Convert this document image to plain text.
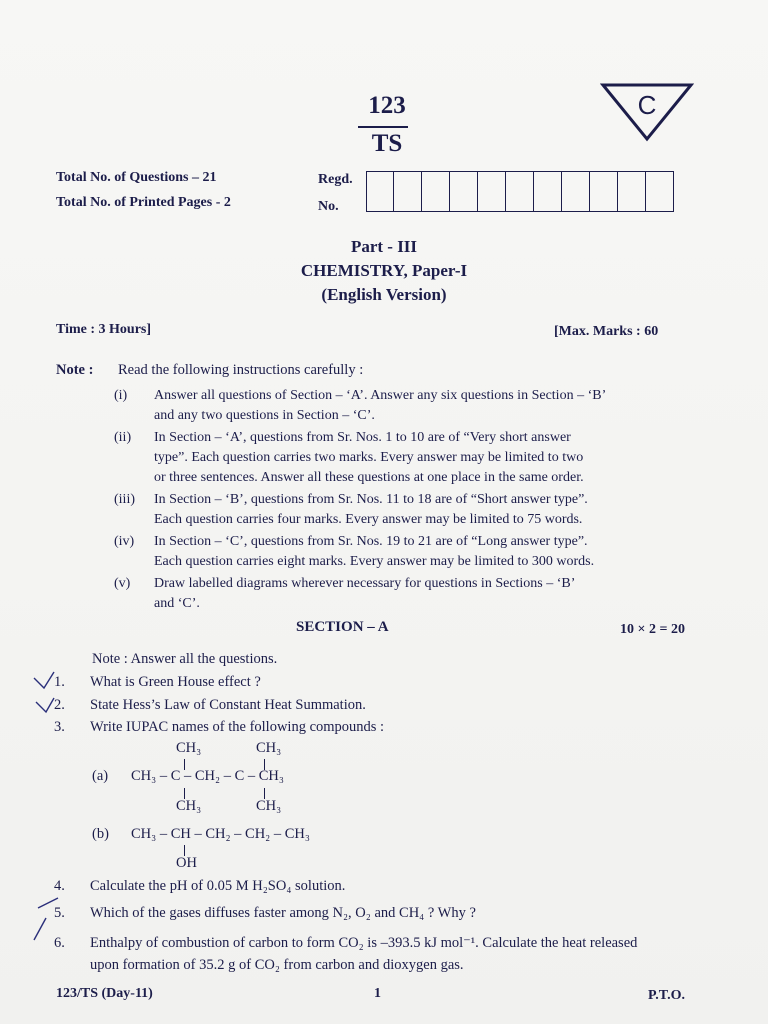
123
TS
C
Total No. of Questions – 21
Total No. of Printed Pages - 2
Regd.
No.
Part - III
CHEMISTRY, Paper-I
(English Version)
Time : 3 Hours]	[Max. Marks : 60
Note : Read the following instructions carefully :
(i)	Answer all questions of Section – ‘A’. Answer any six questions in Section – ‘B’
and any two questions in Section – ‘C’.
(ii)	In Section – ‘A’, questions from Sr. Nos. 1 to 10 are of “Very short answer
type”. Each question carries two marks. Every answer may be limited to two
or three sentences. Answer all these questions at one place in the same order.
(iii)	In Section – ‘B’, questions from Sr. Nos. 11 to 18 are of “Short answer type”.
Each question carries four marks. Every answer may be limited to 75 words.
(iv)	In Section – ‘C’, questions from Sr. Nos. 19 to 21 are of “Long answer type”.
Each question carries eight marks. Every answer may be limited to 300 words.
(v)	Draw labelled diagrams wherever necessary for questions in Sections – ‘B’
and ‘C’.
SECTION – A	10 × 2 = 20
Note : Answer all the questions.
1.	What is Green House effect ?
2.	State Hess’s Law of Constant Heat Summation.
3.	Write IUPAC names of the following compounds :
CH₃	CH₃
(a) CH₃ – C – CH₂ – C – CH₃
CH₃	CH₃
(b) CH₃ – CH – CH₂ – CH₂ – CH₃
OH
4.	Calculate the pH of 0.05 M H₂SO₄ solution.
5.	Which of the gases diffuses faster among N₂, O₂ and CH₄ ? Why ?
6.	Enthalpy of combustion of carbon to form CO₂ is –393.5 kJ mol⁻¹. Calculate the heat released upon formation of 35.2 g of CO₂ from carbon and dioxygen gas.
123/TS (Day-11)	1	P.T.O.
